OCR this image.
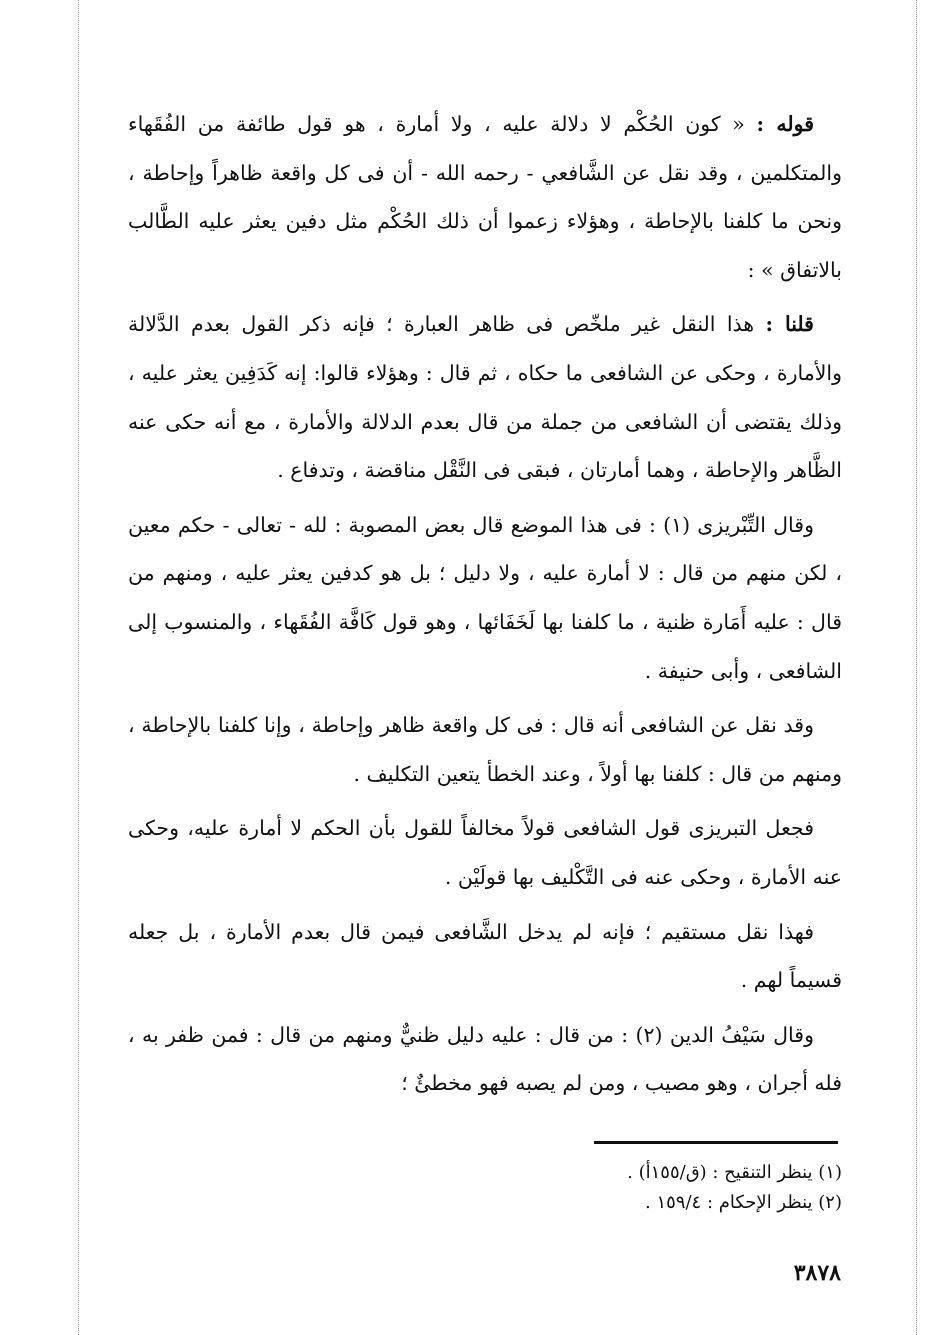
قوله : « كون الحُكْم لا دلالة عليه ، ولا أمارة ، هو قول طائفة من الفُقَهاء والمتكلمين ، وقد نقل عن الشَّافعي - رحمه الله - أن فى كل واقعة ظاهراً وإحاطة ، ونحن ما كلفنا بالإحاطة ، وهؤلاء زعموا أن ذلك الحُكْم مثل دفين يعثر عليه الطَّالب بالاتفاق » :

قلنا : هذا النقل غير ملخّص فى ظاهر العبارة ؛ فإنه ذكر القول بعدم الدَّلالة والأمارة ، وحكى عن الشافعى ما حكاه ، ثم قال : وهؤلاء قالوا: إنه كَدَفِين يعثر عليه ، وذلك يقتضى أن الشافعى من جملة من قال بعدم الدلالة والأمارة ، مع أنه حكى عنه الظَّاهر والإحاطة ، وهما أمارتان ، فبقى فى النَّقْل مناقضة ، وتدفاع .

وقال التِّبْريزى (١) : فى هذا الموضع قال بعض المصوبة : لله - تعالى - حكم معين ، لكن منهم من قال : لا أمارة عليه ، ولا دليل ؛ بل هو كدفين يعثر عليه ، ومنهم من قال : عليه أَمَارة ظنية ، ما كلفنا بها لَخَفَائها ، وهو قول كَافَّة الفُقَهاء ، والمنسوب إلى الشافعى ، وأبى حنيفة .

وقد نقل عن الشافعى أنه قال : فى كل واقعة ظاهر وإحاطة ، وإنا كلفنا بالإحاطة ، ومنهم من قال : كلفنا بها أولاً ، وعند الخطأ يتعين التكليف .

فجعل التبريزى قول الشافعى قولاً مخالفاً للقول بأن الحكم لا أمارة عليه، وحكى عنه الأمارة ، وحكى عنه فى التَّكْليف بها قولَيْن .

فهذا نقل مستقيم ؛ فإنه لم يدخل الشَّافعى فيمن قال بعدم الأمارة ، بل جعله قسيماً لهم .

وقال سَيْفُ الدين (٢) : من قال : عليه دليل ظنيٌّ ومنهم من قال : فمن ظفر به ، فله أجران ، وهو مصيب ، ومن لم يصبه فهو مخطئٌ ؛

(١) ينظر التنقيح : (ق/١٥٥أ) .
(٢) ينظر الإحكام : ١٥٩/٤ .
٣٨٧٨
